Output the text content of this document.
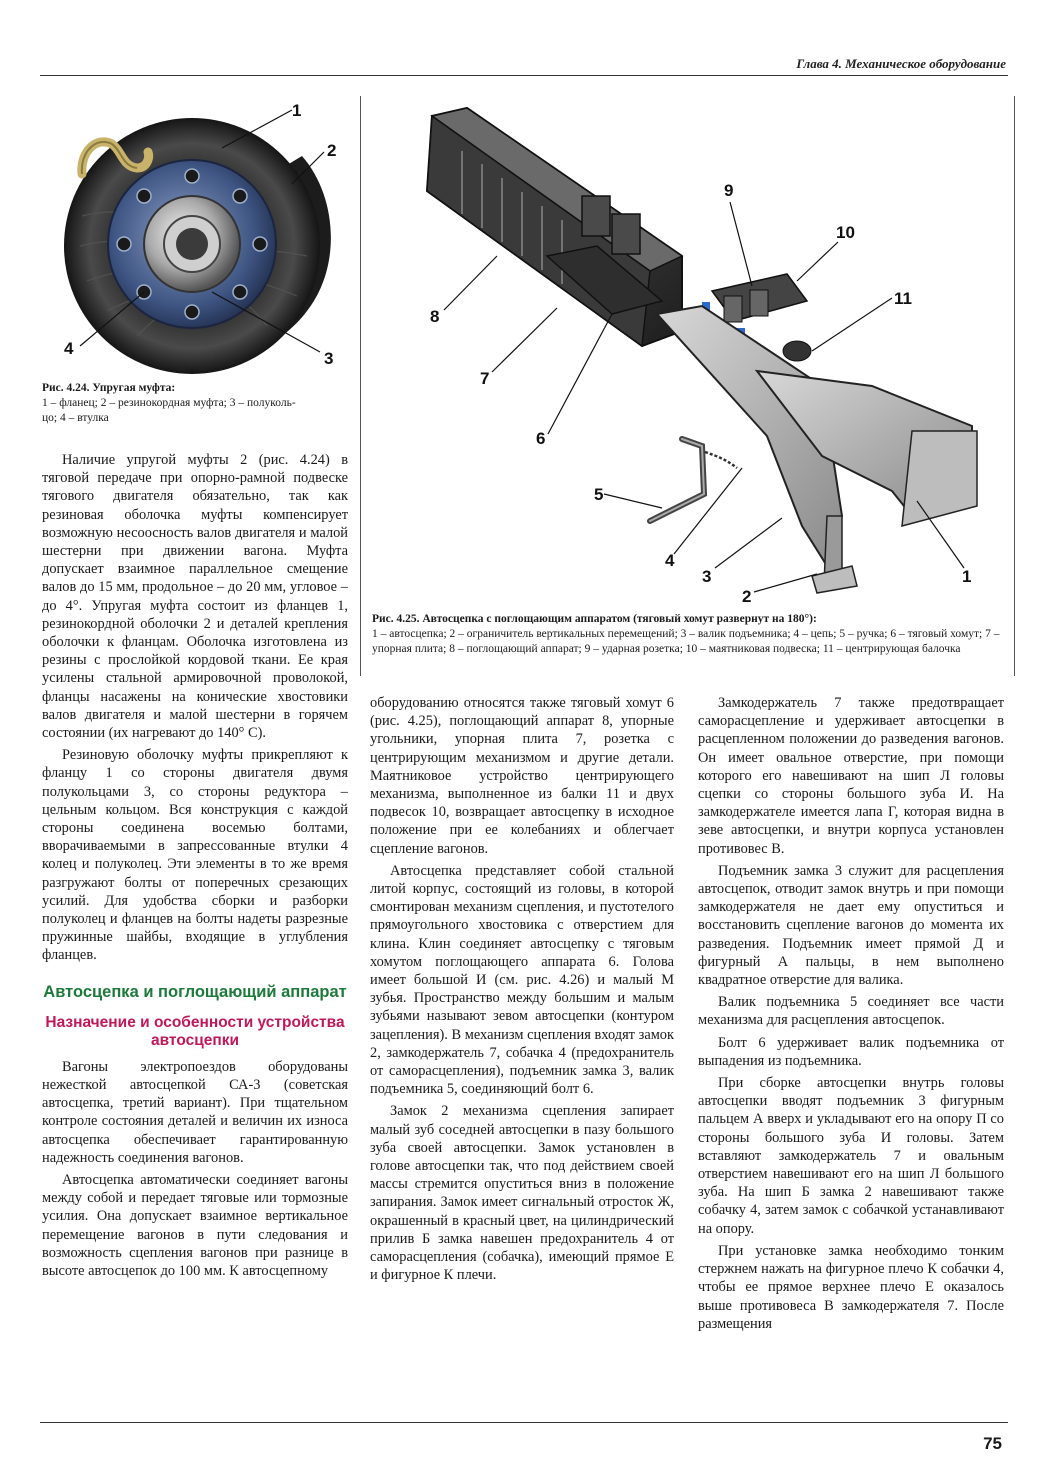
Глава 4. Механическое оборудование
1
2
3
4
Рис. 4.24. Упругая муфта:
1 – фланец; 2 – резинокордная муфта; 3 – полуколь-
цо; 4 – втулка
1
2
3
4
5
6
7
8
9
10
11
Рис. 4.25. Автосцепка с поглощающим аппаратом (тяговый хомут развернут на 180°):
1 – автосцепка; 2 – ограничитель вертикальных перемещений; 3 – валик подъемника; 4 – цепь; 5 – ручка; 6 – тяговый хомут; 7 – упорная плита; 8 – поглощающий аппарат; 9 – ударная розетка; 10 – маятниковая подвеска; 11 – центрирующая балочка

Наличие упругой муфты 2 (рис. 4.24) в тяговой передаче при опорно-рамной подвеске тягового двигателя обязательно, так как резиновая оболочка муфты компенсирует возможную несоосность валов двигателя и малой шестерни при движении вагона. Муфта допускает взаимное параллельное смещение валов до 15 мм, продольное – до 20 мм, угловое – до 4°. Упругая муфта состоит из фланцев 1, резинокордной оболочки 2 и деталей крепления оболочки к фланцам. Оболочка изготовлена из резины с прослойкой кордовой ткани. Ее края усилены стальной армировочной проволокой, фланцы насажены на конические хвостовики валов двигателя и малой шестерни в горячем состоянии (их нагревают до 140° С).

Резиновую оболочку муфты прикрепляют к фланцу 1 со стороны двигателя двумя полукольцами 3, со стороны редуктора – цельным кольцом. Вся конструкция с каждой стороны соединена восемью болтами, вворачиваемыми в запрессованные втулки 4 колец и полуколец. Эти элементы в то же время разгружают болты от поперечных срезающих усилий. Для удобства сборки и разборки полуколец и фланцев на болты надеты разрезные пружинные шайбы, входящие в углубления фланцев.

Автосцепка и поглощающий аппарат
Назначение и особенности устройства автосцепки

Вагоны электропоездов оборудованы нежесткой автосцепкой СА-3 (советская автосцепка, третий вариант). При тщательном контроле состояния деталей и величин их износа автосцепка обеспечивает гарантированную надежность соединения вагонов.

Автосцепка автоматически соединяет вагоны между собой и передает тяговые или тормозные усилия. Она допускает взаимное вертикальное перемещение вагонов в пути следования и возможность сцепления вагонов при разнице в высоте автосцепок до 100 мм. К автосцепному

оборудованию относятся также тяговый хомут 6 (рис. 4.25), поглощающий аппарат 8, упорные угольники, упорная плита 7, розетка с центрирующим механизмом и другие детали. Маятниковое устройство центрирующего механизма, выполненное из балки 11 и двух подвесок 10, возвращает автосцепку в исходное положение при ее колебаниях и облегчает сцепление вагонов.

Автосцепка представляет собой стальной литой корпус, состоящий из головы, в которой смонтирован механизм сцепления, и пустотелого прямоугольного хвостовика с отверстием для клина. Клин соединяет автосцепку с тяговым хомутом поглощающего аппарата 6. Голова имеет большой И (см. рис. 4.26) и малый М зубья. Пространство между большим и малым зубьями называют зевом автосцепки (контуром зацепления). В механизм сцепления входят замок 2, замкодержатель 7, собачка 4 (предохранитель от саморасцепления), подъемник замка 3, валик подъемника 5, соединяющий болт 6.

Замок 2 механизма сцепления запирает малый зуб соседней автосцепки в пазу большого зуба своей автосцепки. Замок установлен в голове автосцепки так, что под действием своей массы стремится опуститься вниз в положение запирания. Замок имеет сигнальный отросток Ж, окрашенный в красный цвет, на цилиндрический прилив Б замка навешен предохранитель 4 от саморасцепления (собачка), имеющий прямое Е и фигурное К плечи.

Замкодержатель 7 также предотвращает саморасцепление и удерживает автосцепки в расцепленном положении до разведения вагонов. Он имеет овальное отверстие, при помощи которого его навешивают на шип Л головы сцепки со стороны большого зуба И. На замкодержателе имеется лапа Г, которая видна в зеве автосцепки, и внутри корпуса установлен противовес В.

Подъемник замка 3 служит для расцепления автосцепок, отводит замок внутрь и при помощи замкодержателя не дает ему опуститься и восстановить сцепление вагонов до момента их разведения. Подъемник имеет прямой Д и фигурный А пальцы, в нем выполнено квадратное отверстие для валика.

Валик подъемника 5 соединяет все части механизма для расцепления автосцепок.

Болт 6 удерживает валик подъемника от выпадения из подъемника.

При сборке автосцепки внутрь головы автосцепки вводят подъемник 3 фигурным пальцем А вверх и укладывают его на опору П со стороны большого зуба И головы. Затем вставляют замкодержатель 7 и овальным отверстием навешивают его на шип Л большого зуба. На шип Б замка 2 навешивают также собачку 4, затем замок с собачкой устанавливают на опору.

При установке замка необходимо тонким стержнем нажать на фигурное плечо К собачки 4, чтобы ее прямое верхнее плечо Е оказалось выше противовеса В замкодержателя 7. После размещения

75
